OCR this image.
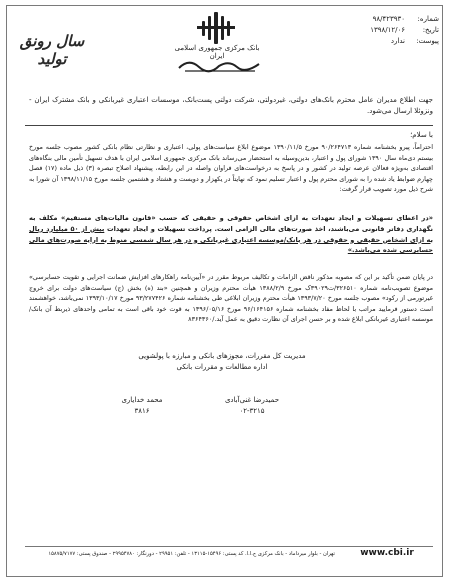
شماره:
تاریخ:
پیوست:
۹۸/۴۲۳۹۳۰
۱۳۹۸/۱۲/۰۶
ندارد
بانک مرکزی جمهوری اسلامی ایران
سال رونق تولید
جهت اطلاع مدیران عامل محترم بانک‌های دولتی، غیردولتی، شرکت دولتی پست‌بانک، موسسات اعتباری غیربانکی و بانک مشترک ایران - ونزوئلا ارسال می‌شود.
با سلام؛
احتراماً، پیرو بخشنامه شماره ۹۰/۲۶۴۷۱۳ مورخ ۱۳۹۰/۱۱/۵ موضوع ابلاغ سیاست‌های پولی، اعتباری و نظارتی نظام بانکی کشور مصوب جلسه مورخ بیستم دی‌ماه سال ۱۳۹۰ شورای پول و اعتبار، بدین‌وسیله به استحضار می‌رساند بانک مرکزی جمهوری اسلامی ایران با هدف تسهیل تأمین مالی بنگاه‌های اقتصادی به‌ویژه فعالان عرصه تولید در کشور و در پاسخ به درخواست‌های فراوان واصله در این رابطه، پیشنهاد اصلاح تبصره (۳) ذیل ماده (۱۷) فصل چهارم ضوابط یاد شده را به شورای محترم پول و اعتبار تسلیم نمود که نهایتاً در یکهزار و دویست و هشتاد و هشتمین جلسه مورخ ۱۳۹۸/۱۱/۱۵ آن شورا به شرح ذیل مورد تصویب قرار گرفت:
«در اعطای تسهیلات و ایجاد تعهدات به ازای اشخاص حقوقی و حقیقی که حسب «قانون مالیات‌های مستقیم» مکلف به نگهداری دفاتر قانونی می‌باشند، اخذ صورت‌های مالی الزامی است. پرداخت تسهیلات و ایجاد تعهدات بیش از ۵۰ میلیارد ریال به ازای اشخاص حقیقی و حقوقی در هر بانک/موسسه اعتباری غیربانکی و در هر سال شمسی منوط به ارایه صورت‌های مالی حسابرسی شده می‌باشد.»
در پایان ضمن تأکید بر این که مصوبه مذکور ناقض الزامات و تکالیف مربوط مقرر در «آیین‌نامه راهکارهای افزایش ضمانت اجرایی و تقویت حسابرسی» موضوع تصویب‌نامه شماره ۳۲۶۵۱۰/ت۳۹۰۲۹ک مورخ ۱۳۸۸/۲/۹ هیأت محترم وزیران و همچنین «بند (ه) بخش (ج) سیاست‌های دولت برای خروج غیرتورمی از رکود» مصوب جلسه مورخ ۱۳۹۳/۷/۲۰ هیأت محترم وزیران ابلاغی طی بخشنامه شماره ۹۳/۲۷۷۴۲۶ مورخ ۱۳۹۳/۱۰/۱۷ نمی‌باشد، خواهشمند است دستور فرمایید مراتب با لحاظ مفاد بخشنامه شماره ۹۶/۱۶۴۱۵۶ مورخ ۱۳۹۶/۰۵/۱۶ به قوت خود باقی است به تمامی واحدهای ذیربط آن بانک/موسسه اعتباری غیربانکی ابلاغ شده و بر حسن اجرای آن نظارت دقیق به عمل آید./۸۳۶۴۳۶۰
مدیریت کل مقررات، مجوزهای بانکی و مبارزه با پولشویی
اداره مطالعات و مقررات بانکی
محمد خدایاری
۳۸۱۶
حمیدرضا غنی‌آبادی
۰۲-۳۲۱۵
تهران - بلوار میرداماد - بانک مرکزی ج.ا.ا. کد پستی: ۱۵۴۹۶-۱۳۱۱۵ - تلفن: ۲۹۹۵۱ - دورنگار: ۲۹۹۵۴۷۸۰ - صندوق پستی: ۱۵۸۷۵/۷۱۷۷	www.cbi.ir
